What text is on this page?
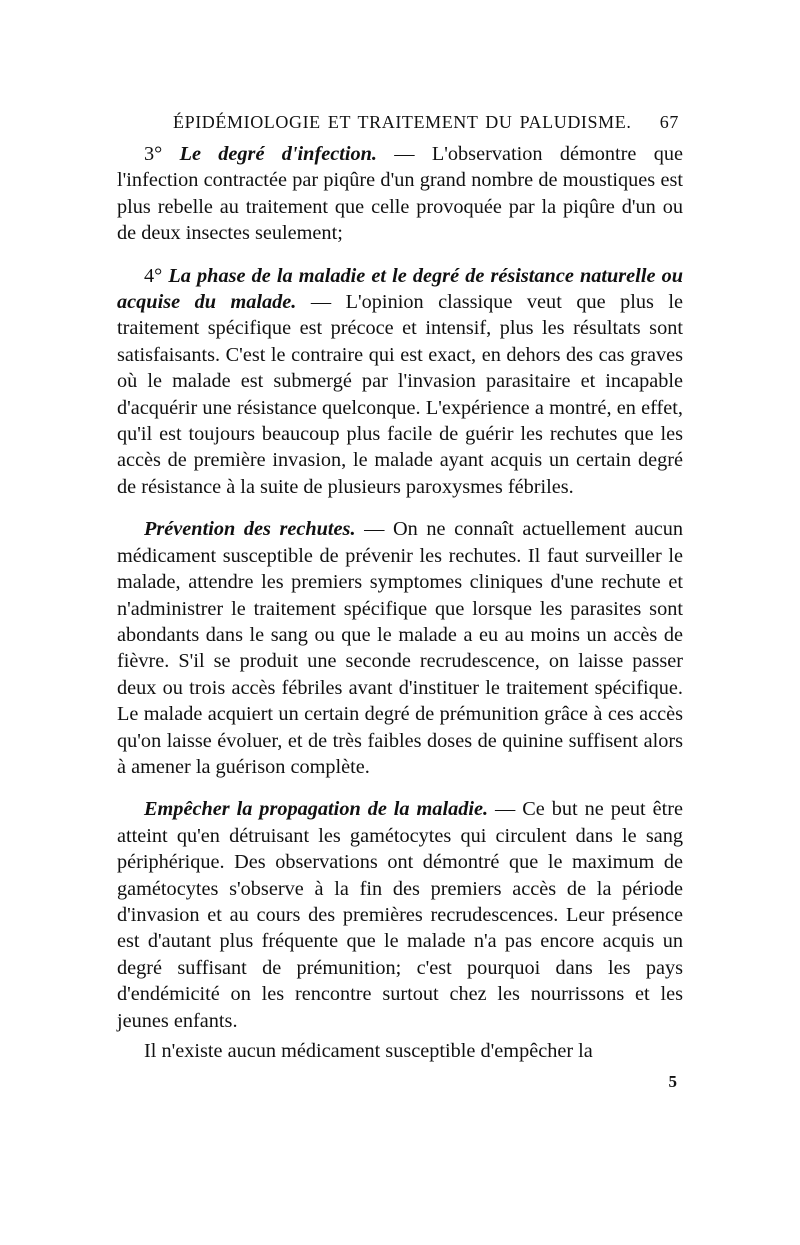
ÉPIDÉMIOLOGIE ET TRAITEMENT DU PALUDISME. 67

3° Le degré d'infection. — L'observation démontre que l'infection contractée par piqûre d'un grand nombre de moustiques est plus rebelle au traitement que celle provoquée par la piqûre d'un ou de deux insectes seulement;

4° La phase de la maladie et le degré de résistance naturelle ou acquise du malade. — L'opinion classique veut que plus le traitement spécifique est précoce et intensif, plus les résultats sont satisfaisants. C'est le contraire qui est exact, en dehors des cas graves où le malade est submergé par l'invasion parasitaire et incapable d'acquérir une résistance quelconque. L'expérience a montré, en effet, qu'il est toujours beaucoup plus facile de guérir les rechutes que les accès de première invasion, le malade ayant acquis un certain degré de résistance à la suite de plusieurs paroxysmes fébriles.

Prévention des rechutes. — On ne connaît actuellement aucun médicament susceptible de prévenir les rechutes. Il faut surveiller le malade, attendre les premiers symptomes cliniques d'une rechute et n'administrer le traitement spécifique que lorsque les parasites sont abondants dans le sang ou que le malade a eu au moins un accès de fièvre. S'il se produit une seconde recrudescence, on laisse passer deux ou trois accès fébriles avant d'instituer le traitement spécifique. Le malade acquiert un certain degré de prémunition grâce à ces accès qu'on laisse évoluer, et de très faibles doses de quinine suffisent alors à amener la guérison complète.

Empêcher la propagation de la maladie. — Ce but ne peut être atteint qu'en détruisant les gamétocytes qui circulent dans le sang périphérique. Des observations ont démontré que le maximum de gamétocytes s'observe à la fin des premiers accès de la période d'invasion et au cours des premières recrudescences. Leur présence est d'autant plus fréquente que le malade n'a pas encore acquis un degré suffisant de prémunition; c'est pourquoi dans les pays d'endémicité on les rencontre surtout chez les nourrissons et les jeunes enfants.

Il n'existe aucun médicament susceptible d'empêcher la

5
